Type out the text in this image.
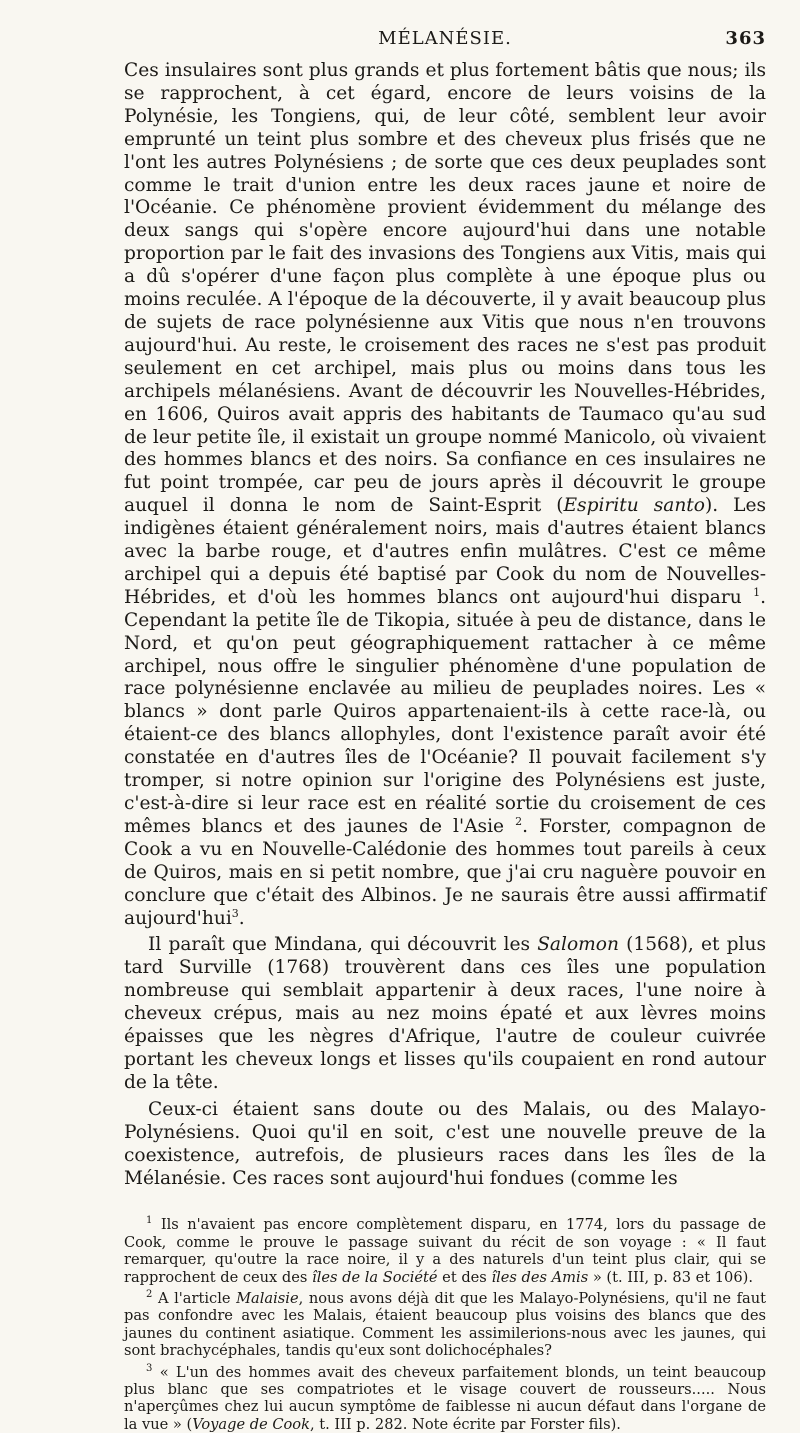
MÉLANÉSIE.	363

Ces insulaires sont plus grands et plus fortement bâtis que nous; ils se rapprochent, à cet égard, encore de leurs voisins de la Polynésie, les Tongiens, qui, de leur côté, semblent leur avoir emprunté un teint plus sombre et des cheveux plus frisés que ne l'ont les autres Polynésiens ; de sorte que ces deux peuplades sont comme le trait d'union entre les deux races jaune et noire de l'Océanie. Ce phénomène provient évidemment du mélange des deux sangs qui s'opère encore aujourd'hui dans une notable proportion par le fait des invasions des Tongiens aux Vitis, mais qui a dû s'opérer d'une façon plus complète à une époque plus ou moins reculée. A l'époque de la découverte, il y avait beaucoup plus de sujets de race polynésienne aux Vitis que nous n'en trouvons aujourd'hui. Au reste, le croisement des races ne s'est pas produit seulement en cet archipel, mais plus ou moins dans tous les archipels mélanésiens. Avant de découvrir les Nouvelles-Hébrides, en 1606, Quiros avait appris des habitants de Taumaco qu'au sud de leur petite île, il existait un groupe nommé Manicolo, où vivaient des hommes blancs et des noirs. Sa confiance en ces insulaires ne fut point trompée, car peu de jours après il découvrit le groupe auquel il donna le nom de Saint-Esprit (Espiritu santo). Les indigènes étaient généralement noirs, mais d'autres étaient blancs avec la barbe rouge, et d'autres enfin mulâtres. C'est ce même archipel qui a depuis été baptisé par Cook du nom de Nouvelles-Hébrides, et d'où les hommes blancs ont aujourd'hui disparu $^1$. Cependant la petite île de Tikopia, située à peu de distance, dans le Nord, et qu'on peut géographiquement rattacher à ce même archipel, nous offre le singulier phénomène d'une population de race polynésienne enclavée au milieu de peuplades noires. Les « blancs » dont parle Quiros appartenaient-ils à cette race-là, ou étaient-ce des blancs allophyles, dont l'existence paraît avoir été constatée en d'autres îles de l'Océanie? Il pouvait facilement s'y tromper, si notre opinion sur l'origine des Polynésiens est juste, c'est-à-dire si leur race est en réalité sortie du croisement de ces mêmes blancs et des jaunes de l'Asie $^2$. Forster, compagnon de Cook a vu en Nouvelle-Calédonie des hommes tout pareils à ceux de Quiros, mais en si petit nombre, que j'ai cru naguère pouvoir en conclure que c'était des Albinos. Je ne saurais être aussi affirmatif aujourd'hui$^3$.

Il paraît que Mindana, qui découvrit les Salomon (1568), et plus tard Surville (1768) trouvèrent dans ces îles une population nombreuse qui semblait appartenir à deux races, l'une noire à cheveux crépus, mais au nez moins épaté et aux lèvres moins épaisses que les nègres d'Afrique, l'autre de couleur cuivrée portant les cheveux longs et lisses qu'ils coupaient en rond autour de la tête.

Ceux-ci étaient sans doute ou des Malais, ou des Malayo-Polynésiens. Quoi qu'il en soit, c'est une nouvelle preuve de la coexistence, autrefois, de plusieurs races dans les îles de la Mélanésie. Ces races sont aujourd'hui fondues (comme les

$^1$ Ils n'avaient pas encore complètement disparu, en 1774, lors du passage de Cook, comme le prouve le passage suivant du récit de son voyage : « Il faut remarquer, qu'outre la race noire, il y a des naturels d'un teint plus clair, qui se rapprochent de ceux des îles de la Société et des îles des Amis » (t. III, p. 83 et 106).

$^2$ A l'article Malaisie, nous avons déjà dit que les Malayo-Polynésiens, qu'il ne faut pas confondre avec les Malais, étaient beaucoup plus voisins des blancs que des jaunes du continent asiatique. Comment les assimilerions-nous avec les jaunes, qui sont brachycéphales, tandis qu'eux sont dolichocéphales?

$^3$ « L'un des hommes avait des cheveux parfaitement blonds, un teint beaucoup plus blanc que ses compatriotes et le visage couvert de rousseurs..... Nous n'aperçûmes chez lui aucun symptôme de faiblesse ni aucun défaut dans l'organe de la vue » (Voyage de Cook, t. III p. 282. Note écrite par Forster fils).
